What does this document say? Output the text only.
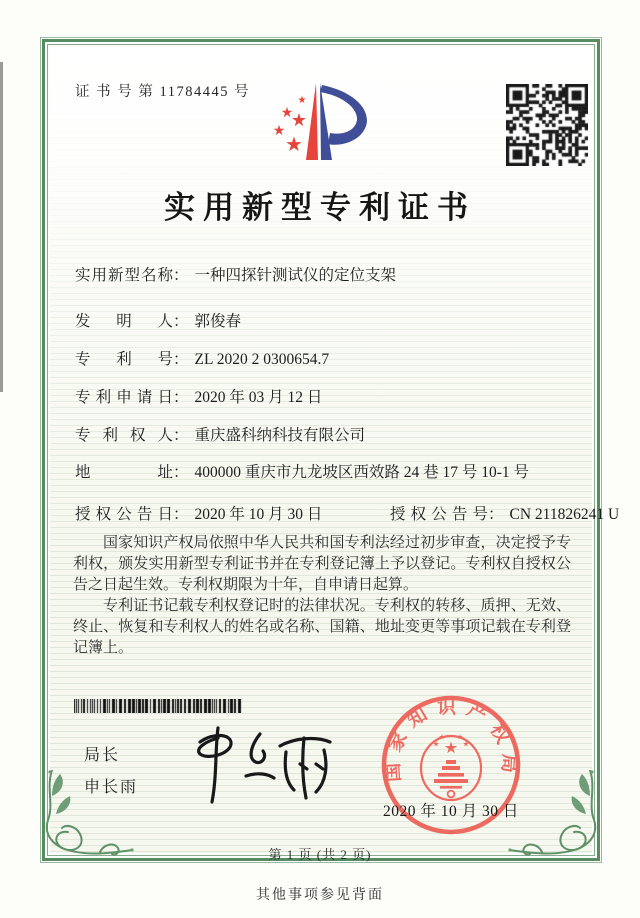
证 书 号 第 11784445 号
★
★
★
★
★
实用新型专利证书
实用新型名称： 一种四探针测试仪的定位支架
发明人： 郭俊春
专利号： ZL 2020 2 0300654.7
专利申请日： 2020 年 03 月 12 日
专利权人： 重庆盛科纳科技有限公司
地址： 400000 重庆市九龙坡区西效路 24 巷 17 号 10-1 号
授权公告日： 2020 年 10 月 30 日	授权公告号： CN 211826241 U

国家知识产权局依照中华人民共和国专利法经过初步审查，决定授予专利权，颁发实用新型专利证书并在专利登记簿上予以登记。专利权自授权公告之日起生效。专利权期限为十年，自申请日起算。

专利证书记载专利权登记时的法律状况。专利权的转移、质押、无效、终止、恢复和专利权人的姓名或名称、国籍、地址变更等事项记载在专利登记簿上。

局长
申长雨
国家知识产权局
2020 年 10 月 30 日
第 1 页 (共 2 页)
其他事项参见背面
